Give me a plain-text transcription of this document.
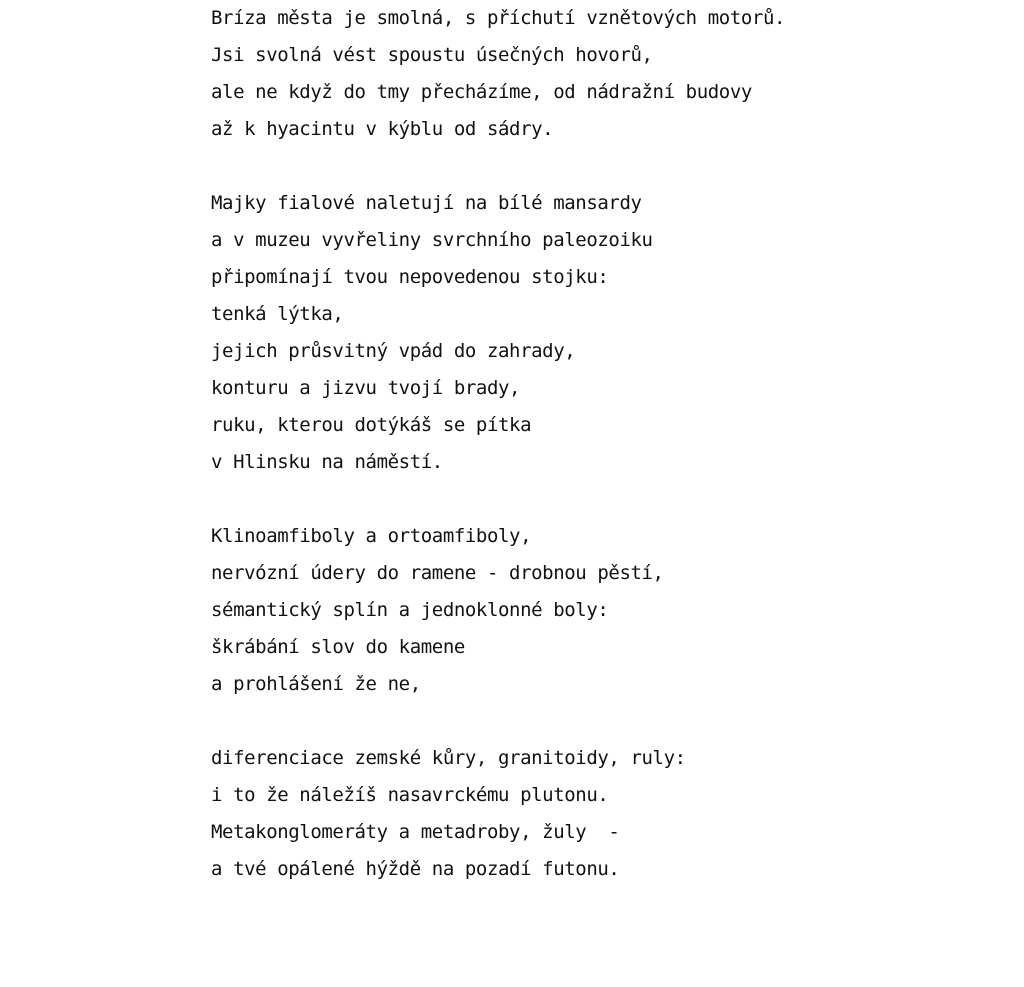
Bríza města je smolná, s příchutí vznětových motorů.
Jsi svolná vést spoustu úsečných hovorů,
ale ne když do tmy přecházíme, od nádražní budovy
až k hyacintu v kýblu od sádry.
Majky fialové naletují na bílé mansardy
a v muzeu vyvřeliny svrchního paleozoiku
připomínají tvou nepovedenou stojku:
tenká lýtka,
jejich průsvitný vpád do zahrady,
konturu a jizvu tvojí brady,
ruku, kterou dotýkáš se pítka
v Hlinsku na náměstí.
Klinoamfiboly a ortoamfiboly,
nervózní údery do ramene - drobnou pěstí,
sémantický splín a jednoklonné boly:
škrábání slov do kamene
a prohlášení že ne,
diferenciace zemské kůry, granitoidy, ruly:
i to že náležíš nasavrckému plutonu.
Metakonglomeráty a metadroby, žuly  -
a tvé opálené hýždě na pozadí futonu.
